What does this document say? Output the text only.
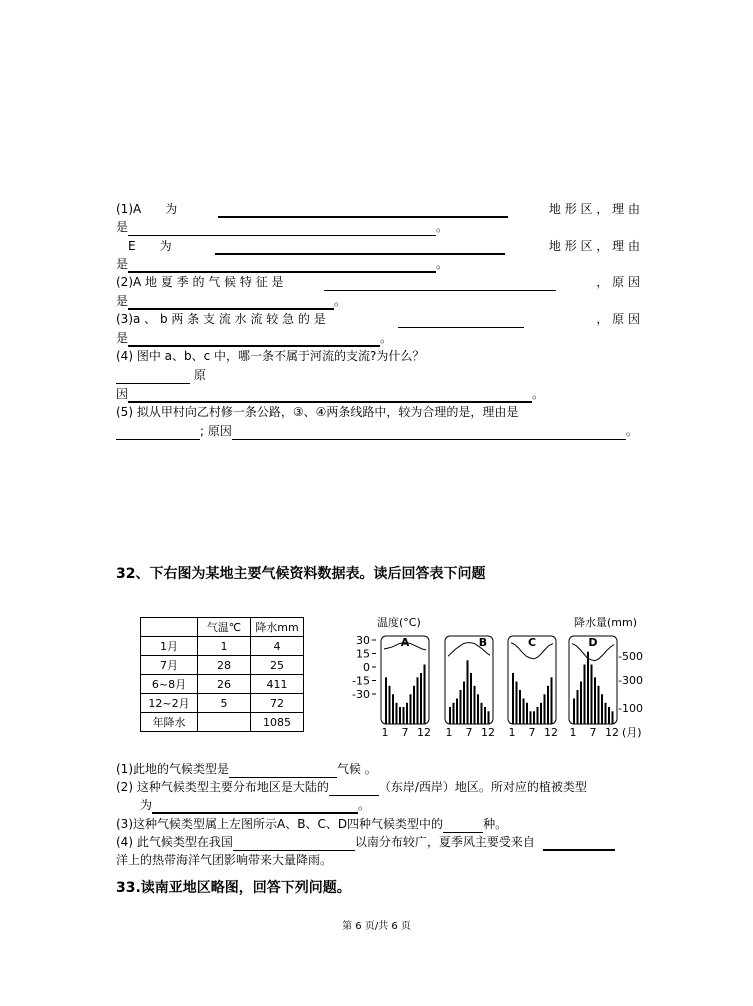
(1)A　　为	地 形 区 ， 理 由
是	。
　E　　为	地 形 区 ， 理 由
是	。
(2)A 地 夏 季 的 气 候 特 征 是	， 原 因
是	。
(3)a 、 b 两 条 支 流 水 流 较 急 的 是	， 原 因
是	。
(4) 图中 a、b、c 中，哪一条不属于河流的支流?为什么？
原
因	。
(5) 拟从甲村向乙村修一条公路，③、④两条线路中，较为合理的是，理由是
; 原因	。
32、下右图为某地主要气候资料数据表。读后回答表下问题
	气温℃	降水mm
1月	1	4
7月	28	25
6~8月	26	411
12~2月	5	72
年降水		1085
温度(°C)	降水量(mm)
30
15
0
-15
-30
-500
-300
-100
A
1 7 12
B
1 7 12
C
1 7 12
D
1 7 12 (月)
(1)此地的气候类型是	气候 。
(2) 这种气候类型主要分布地区是大陆的	（东岸/西岸）地区。所对应的植被类型
为	。
(3)这种气候类型属上左图所示A、B、C、D四种气候类型中的	种。
(4) 此气候类型在我国	以南分布较广，夏季风主要受来自
洋上的热带海洋气团影响带来大量降雨。
33.读南亚地区略图，回答下列问题。
第 6 页/共 6 页
